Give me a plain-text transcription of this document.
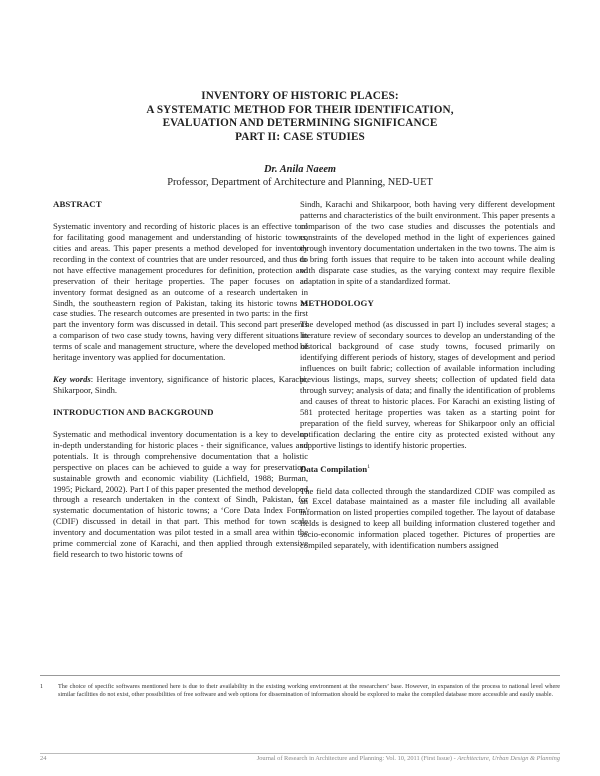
INVENTORY OF HISTORIC PLACES:
A SYSTEMATIC METHOD FOR THEIR IDENTIFICATION,
EVALUATION AND DETERMINING SIGNIFICANCE
PART II: CASE STUDIES
Dr. Anila Naeem
Professor, Department of Architecture and Planning, NED-UET
ABSTRACT

Systematic inventory and recording of historic places is an effective tool for facilitating good management and understanding of historic towns, cities and areas. This paper presents a method developed for inventory recording in the context of countries that are under resourced, and thus do not have effective management procedures for definition, protection and preservation of their heritage properties. The paper focuses on an inventory format designed as an outcome of a research undertaken in Sindh, the southeastern region of Pakistan, taking its historic towns as case studies. The research outcomes are presented in two parts: in the first part the inventory form was discussed in detail. This second part presents a comparison of two case study towns, having very different situations in terms of scale and management structure, where the developed method of heritage inventory was applied for documentation.

Key words: Heritage inventory, significance of historic places, Karachi, Shikarpoor, Sindh.

INTRODUCTION AND BACKGROUND

Systematic and methodical inventory documentation is a key to develop in-depth understanding for historic places - their significance, values and potentials. It is through comprehensive documentation that a holistic perspective on places can be achieved to guide a way for preservation, sustainable growth and economic viability (Lichfield, 1988; Burman, 1995; Pickard, 2002). Part I of this paper presented the method developed through a research undertaken in the context of Sindh, Pakistan, for systematic documentation of historic towns; a ‘Core Data Index Form’ (CDIF) discussed in detail in that part. This method for town scale inventory and documentation was pilot tested in a small area within the prime commercial zone of Karachi, and then applied through extensive field research to two historic towns of

Sindh, Karachi and Shikarpoor, both having very different development patterns and characteristics of the built environment. This paper presents a comparison of the two case studies and discusses the potentials and constraints of the developed method in the light of experiences gained through inventory documentation undertaken in the two towns. The aim is to bring forth issues that require to be taken into account while dealing with disparate case studies, as the varying context may require flexible adaptation in spite of a standardized format.

METHODOLOGY

The developed method (as discussed in part I) includes several stages; a literature review of secondary sources to develop an understanding of the historical background of case study towns, focused primarily on identifying different periods of history, stages of development and period influences on built fabric; collection of available information including previous listings, maps, survey sheets; collection of updated field data through survey; analysis of data; and finally the identification of problems and causes of threat to historic places. For Karachi an existing listing of 581 protected heritage properties was taken as a starting point for preparation of the field survey, whereas for Shikarpoor only an official notification declaring the entire city as protected existed without any supportive listings to identify historic properties.

Data Compilation$^1$

The field data collected through the standardized CDIF was compiled as an Excel database maintained as a master file including all available information on listed properties compiled together. The layout of database fields is designed to keep all building information clustered together and socio-economic information placed together. Pictures of properties are compiled separately, with identification numbers assigned

1 The choice of specific softwares mentioned here is due to their availability in the existing working environment at the researchers’ base. However, in expansion of the process to national level where similar facilities do not exist, other possibilities of free software and web options for dissemination of information should be explored to make the compiled database more accessible and easily usable.
24	Journal of Research in Architecture and Planning: Vol. 10, 2011 (First Issue) - Architecture, Urban Design & Planning
